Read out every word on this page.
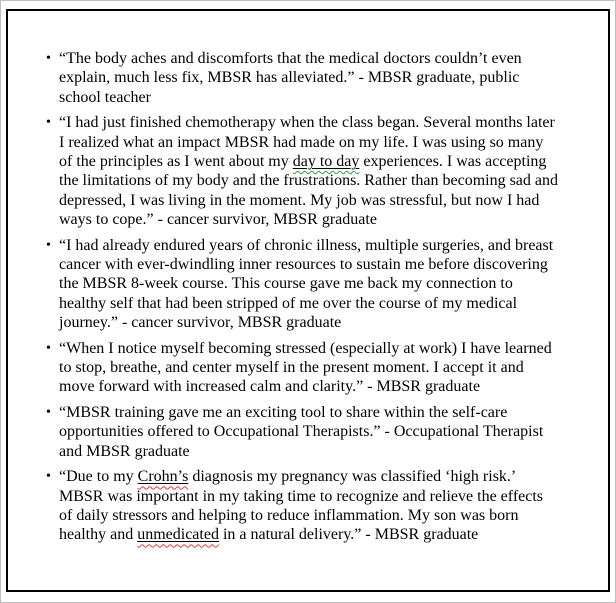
• “The body aches and discomforts that the medical doctors couldn’t even explain, much less fix, MBSR has alleviated.” - MBSR graduate, public school teacher
• “I had just finished chemotherapy when the class began. Several months later I realized what an impact MBSR had made on my life. I was using so many of the principles as I went about my day to day experiences. I was accepting the limitations of my body and the frustrations. Rather than becoming sad and depressed, I was living in the moment. My job was stressful, but now I had ways to cope.” - cancer survivor, MBSR graduate
• “I had already endured years of chronic illness, multiple surgeries, and breast cancer with ever-dwindling inner resources to sustain me before discovering the MBSR 8-week course. This course gave me back my connection to healthy self that had been stripped of me over the course of my medical journey.” - cancer survivor, MBSR graduate
• “When I notice myself becoming stressed (especially at work) I have learned to stop, breathe, and center myself in the present moment. I accept it and move forward with increased calm and clarity.” - MBSR graduate
• “MBSR training gave me an exciting tool to share within the self-care opportunities offered to Occupational Therapists.” - Occupational Therapist and MBSR graduate
• “Due to my Crohn’s diagnosis my pregnancy was classified ‘high risk.’ MBSR was important in my taking time to recognize and relieve the effects of daily stressors and helping to reduce inflammation. My son was born healthy and unmedicated in a natural delivery.” - MBSR graduate
